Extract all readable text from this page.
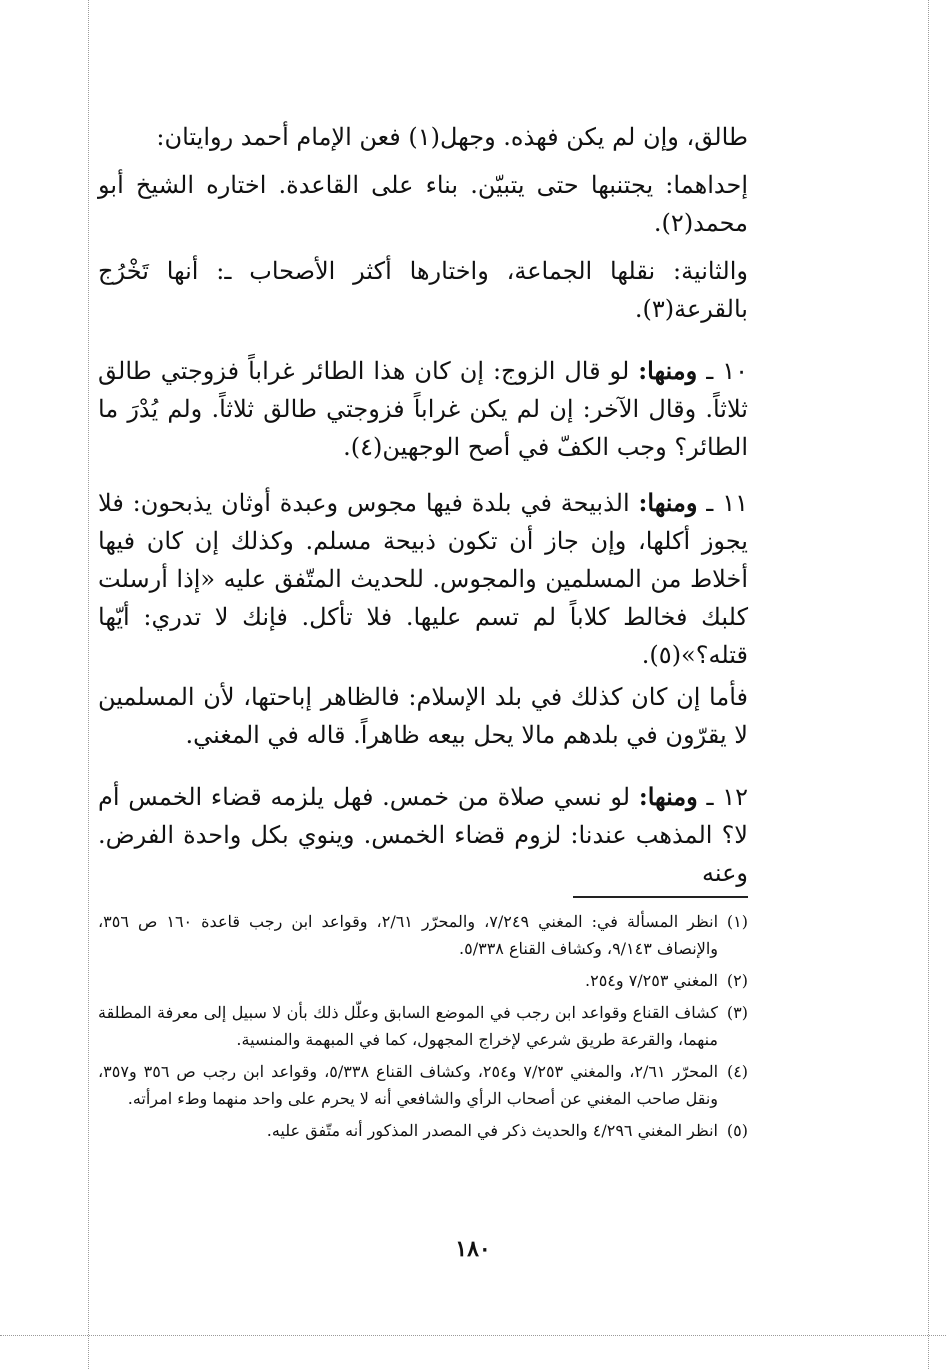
طالق، وإن لم يكن فهذه. وجهل(١) فعن الإمام أحمد روايتان:

إحداهما: يجتنبها حتى يتبيّن. بناء على القاعدة. اختاره الشيخ أبو محمد(٢).

والثانية: نقلها الجماعة، واختارها أكثر الأصحاب ـ: أنها تَخْرُج بالقرعة(٣).

١٠ ـ ومنها: لو قال الزوج: إن كان هذا الطائر غراباً فزوجتي طالق ثلاثاً. وقال الآخر: إن لم يكن غراباً فزوجتي طالق ثلاثاً. ولم يُدْرَ ما الطائر؟ وجب الكفّ في أصح الوجهين(٤).

١١ ـ ومنها: الذبيحة في بلدة فيها مجوس وعبدة أوثان يذبحون: فلا يجوز أكلها، وإن جاز أن تكون ذبيحة مسلم. وكذلك إن كان فيها أخلاط من المسلمين والمجوس. للحديث المتّفق عليه «إذا أرسلت كلبك فخالط كلاباً لم تسم عليها. فلا تأكل. فإنك لا تدري: أيّها قتله؟»(٥).

فأما إن كان كذلك في بلد الإسلام: فالظاهر إباحتها، لأن المسلمين لا يقرّون في بلدهم مالا يحل بيعه ظاهراً. قاله في المغني.

١٢ ـ ومنها: لو نسي صلاة من خمس. فهل يلزمه قضاء الخمس أم لا؟ المذهب عندنا: لزوم قضاء الخمس. وينوي بكل واحدة الفرض. وعنه

(١)انظر المسألة في: المغني ٧/٢٤٩، والمحرّر ٢/٦١، وقواعد ابن رجب قاعدة ١٦٠ ص ٣٥٦، والإنصاف ٩/١٤٣، وكشاف القناع ٥/٣٣٨.

(٢)المغني ٧/٢٥٣ و٢٥٤.

(٣)كشاف القناع وقواعد ابن رجب في الموضع السابق وعلّل ذلك بأن لا سبيل إلى معرفة المطلقة منهما، والقرعة طريق شرعي لإخراج المجهول، كما في المبهمة والمنسية.

(٤)المحرّر ٢/٦١، والمغني ٧/٢٥٣ و٢٥٤، وكشاف القناع ٥/٣٣٨، وقواعد ابن رجب ص ٣٥٦ و٣٥٧، ونقل صاحب المغني عن أصحاب الرأي والشافعي أنه لا يحرم على واحد منهما وطء امرأته.

(٥)انظر المغني ٤/٢٩٦ والحديث ذكر في المصدر المذكور أنه متّفق عليه.

١٨٠
